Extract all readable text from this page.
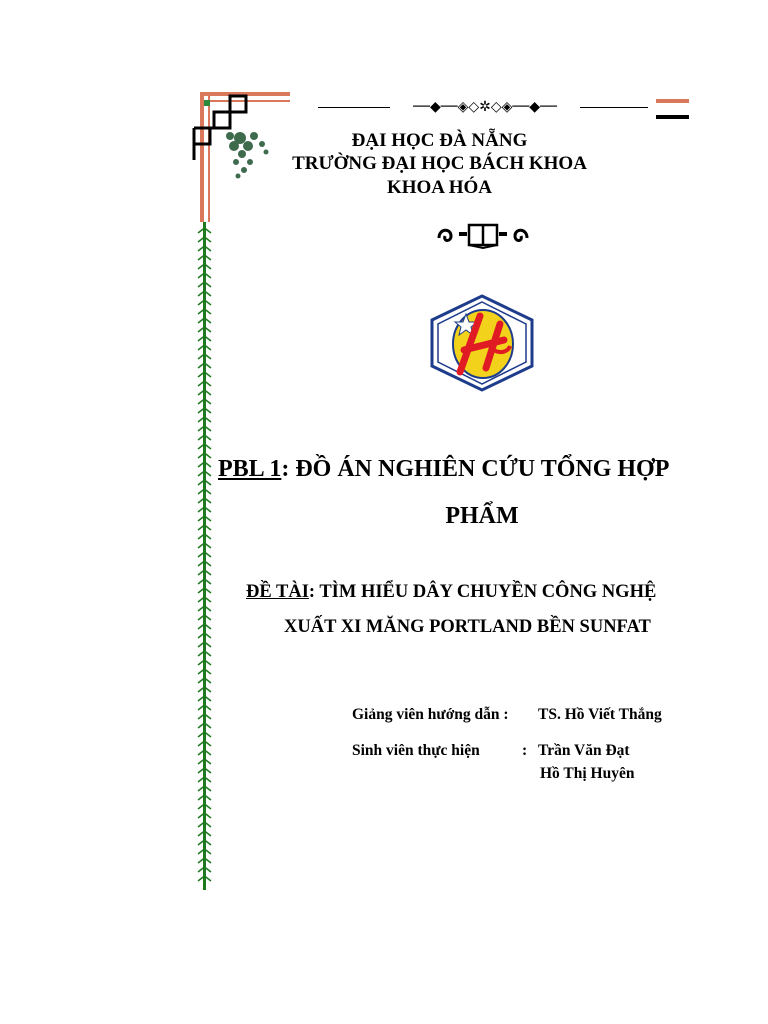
──◆──◈◇✲◇◈──◆──
ĐẠI HỌC ĐÀ NẴNG
TRƯỜNG ĐẠI HỌC BÁCH KHOA
KHOA HÓA
PBL 1: ĐỒ ÁN NGHIÊN CỨU TỔNG HỢP
PHẨM
ĐỀ TÀI: TÌM HIỂU DÂY CHUYỀN CÔNG NGHỆ
XUẤT XI MĂNG PORTLAND BỀN SUNFAT
Giảng viên hướng dẫn : TS. Hồ Viết Thắng
Sinh viên thực hiện	: Trần Văn Đạt
Hồ Thị Huyên
